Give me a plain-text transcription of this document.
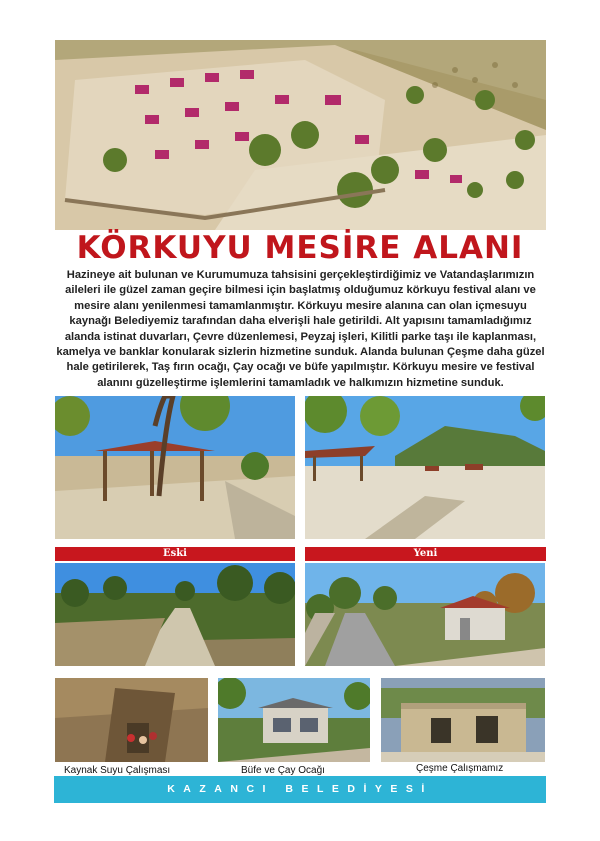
KÖRKUYU MESİRE ALANI

Hazineye ait bulunan ve Kurumumuza tahsisini gerçekleştirdiğimiz ve Vatandaşlarımızın aileleri ile güzel zaman geçire bilmesi için başlatmış olduğumuz körkuyu festival alanı ve mesire alanı yenilenmesi tamamlanmıştır. Körkuyu mesire alanına can olan içmesuyu kaynağı Belediyemiz tarafından daha elverişli hale getirildi. Alt yapısını tamamladığımız alanda istinat duvarları, Çevre düzenlemesi, Peyzaj işleri, Kilitli parke taşı ile kaplanması, kamelya ve banklar konularak sizlerin hizmetine sunduk. Alanda bulunan Çeşme daha güzel hale getirilerek, Taş fırın ocağı, Çay ocağı ve büfe yapılmıştır. Körkuyu mesire ve festival alanını güzelleştirme işlemlerini tamamladık ve halkımızın hizmetine sunduk.

Eski	Yeni
Kaynak Suyu Çalışması	Büfe ve Çay Ocağı	Çeşme Çalışmamız
KAZANCI BELEDİYESİ
